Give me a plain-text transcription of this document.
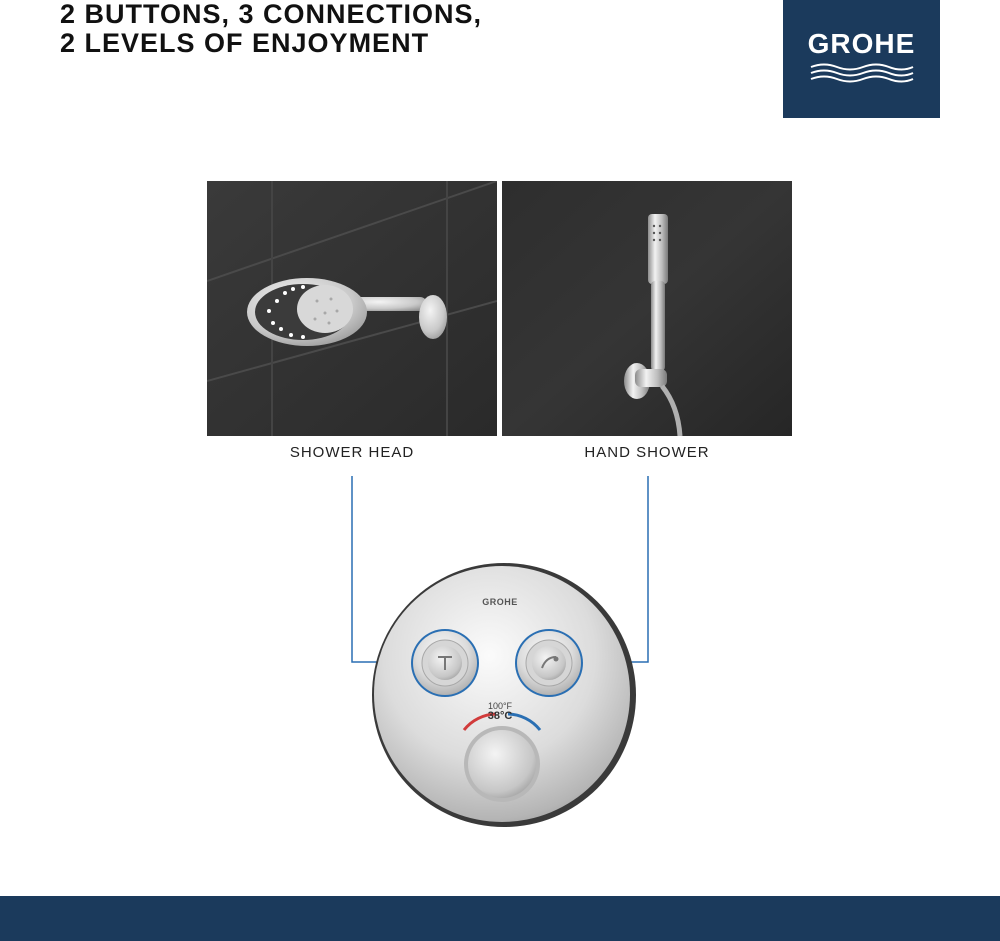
2 BUTTONS, 3 CONNECTIONS,
2 LEVELS OF ENJOYMENT	GROHE
SHOWER HEAD	HAND SHOWER
GROHE
100°F
38°C
